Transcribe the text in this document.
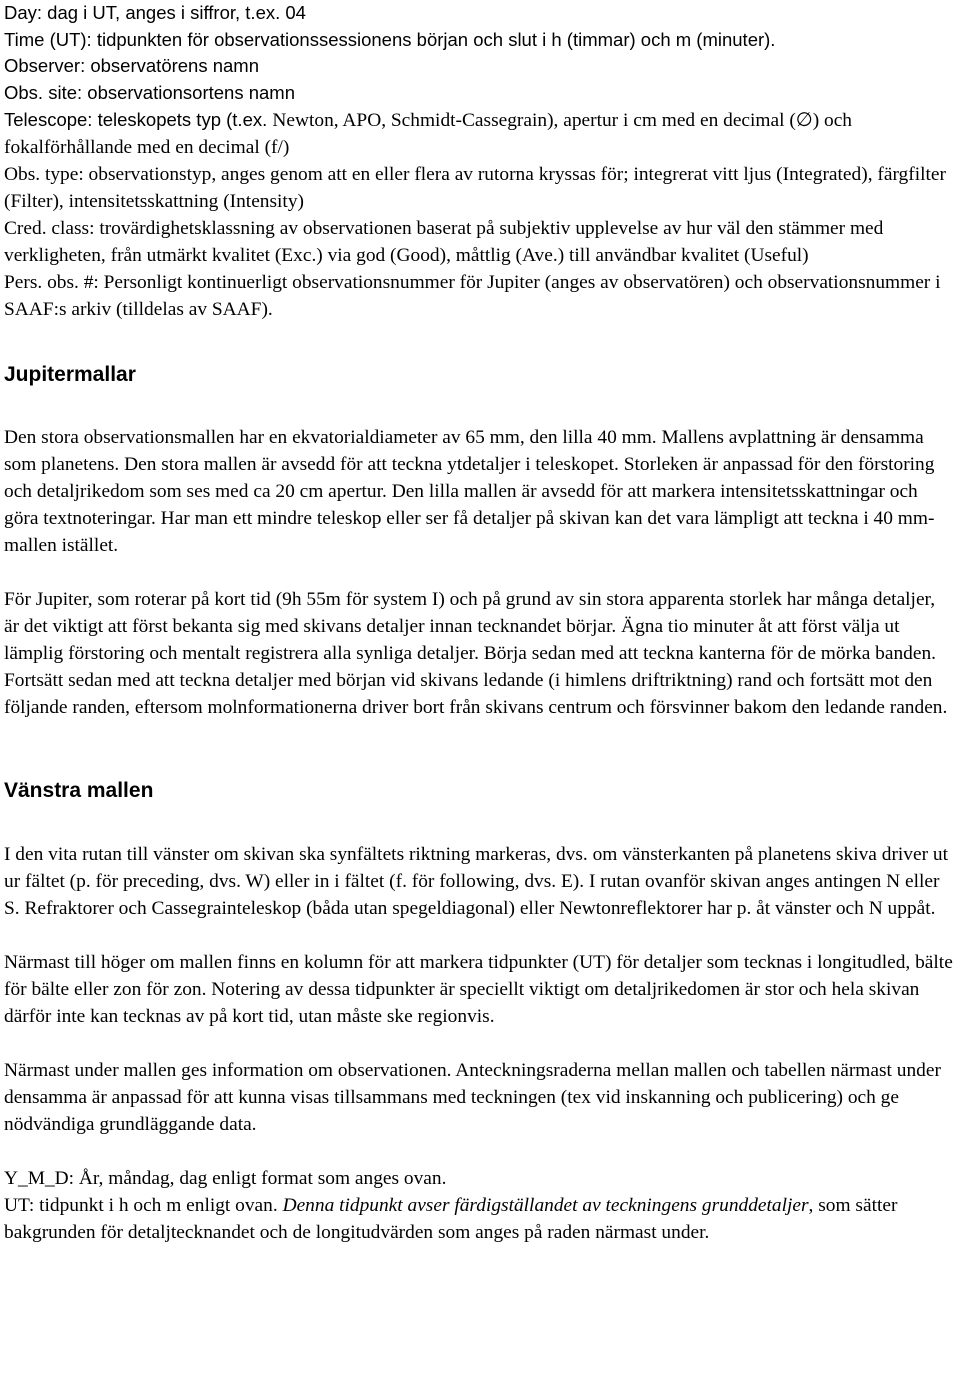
Day: dag i UT, anges i siffror, t.ex. 04

Time (UT): tidpunkten för observationssessionens början och slut i h (timmar) och m (minuter).

Observer: observatörens namn

Obs. site: observationsortens namn

Telescope: teleskopets typ (t.ex. Newton, APO, Schmidt-Cassegrain), apertur i cm med en decimal (∅) och fokalförhållande med en decimal (f/)

Obs. type: observationstyp, anges genom att en eller flera av rutorna kryssas för; integrerat vitt ljus (Integrated), färgfilter (Filter), intensitetsskattning (Intensity)

Cred. class: trovärdighetsklassning av observationen baserat på subjektiv upplevelse av hur väl den stämmer med verkligheten, från utmärkt kvalitet (Exc.) via god (Good), måttlig (Ave.) till användbar kvalitet (Useful)

Pers. obs. #: Personligt kontinuerligt observationsnummer för Jupiter (anges av observatören) och observationsnummer i SAAF:s arkiv (tilldelas av SAAF).

Jupitermallar

Den stora observationsmallen har en ekvatorialdiameter av 65 mm, den lilla 40 mm. Mallens avplattning är densamma som planetens. Den stora mallen är avsedd för att teckna ytdetaljer i teleskopet. Storleken är anpassad för den förstoring och detaljrikedom som ses med ca 20 cm apertur. Den lilla mallen är avsedd för att markera intensitetsskattningar och göra textnoteringar. Har man ett mindre teleskop eller ser få detaljer på skivan kan det vara lämpligt att teckna i 40 mm-mallen istället.

För Jupiter, som roterar på kort tid (9h 55m för system I) och på grund av sin stora apparenta storlek har många detaljer, är det viktigt att först bekanta sig med skivans detaljer innan tecknandet börjar. Ägna tio minuter åt att först välja ut lämplig förstoring och mentalt registrera alla synliga detaljer. Börja sedan med att teckna kanterna för de mörka banden. Fortsätt sedan med att teckna detaljer med början vid skivans ledande (i himlens driftriktning) rand och fortsätt mot den följande randen, eftersom molnformationerna driver bort från skivans centrum och försvinner bakom den ledande randen.

Vänstra mallen

I den vita rutan till vänster om skivan ska synfältets riktning markeras, dvs. om vänsterkanten på planetens skiva driver ut ur fältet (p. för preceding, dvs. W) eller in i fältet (f. för following, dvs. E). I rutan ovanför skivan anges antingen N eller S. Refraktorer och Cassegrainteleskop (båda utan spegeldiagonal) eller Newtonreflektorer har p. åt vänster och N uppåt.

Närmast till höger om mallen finns en kolumn för att markera tidpunkter (UT) för detaljer som tecknas i longitudled, bälte för bälte eller zon för zon. Notering av dessa tidpunkter är speciellt viktigt om detaljrikedomen är stor och hela skivan därför inte kan tecknas av på kort tid, utan måste ske regionvis.

Närmast under mallen ges information om observationen. Anteckningsraderna mellan mallen och tabellen närmast under densamma är anpassad för att kunna visas tillsammans med teckningen (tex vid inskanning och publicering) och ge nödvändiga grundläggande data.

Y_M_D: År, måndag, dag enligt format som anges ovan.

UT: tidpunkt i h och m enligt ovan. Denna tidpunkt avser färdigställandet av teckningens grunddetaljer, som sätter bakgrunden för detaljtecknandet och de longitudvärden som anges på raden närmast under.
